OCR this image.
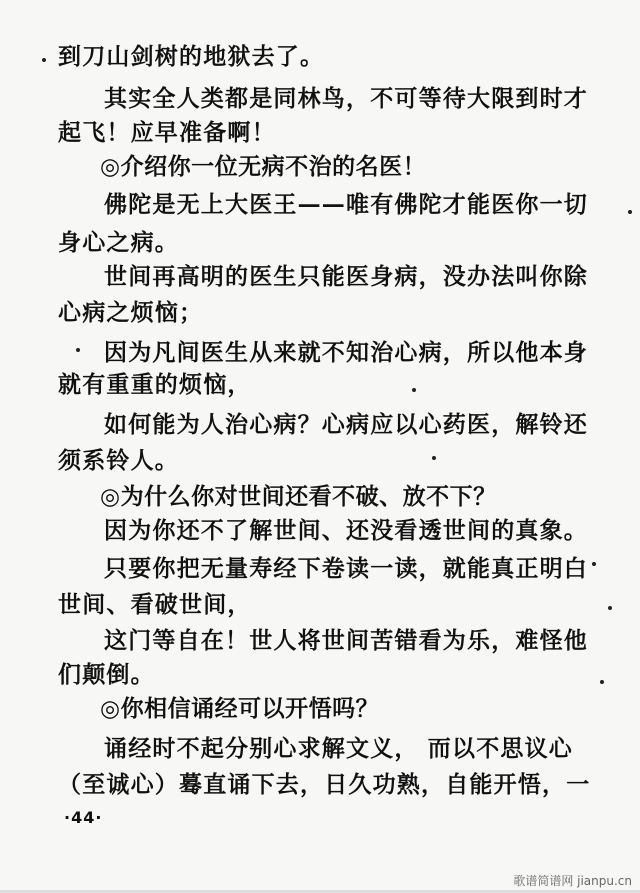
到刀山剑树的地狱去了。
其实全人类都是同林鸟，不可等待大限到时才
起飞！应早准备啊！
◎介绍你一位无病不治的名医！
佛陀是无上大医王——唯有佛陀才能医你一切
身心之病。
世间再高明的医生只能医身病，没办法叫你除
心病之烦恼；
因为凡间医生从来就不知治心病，所以他本身
就有重重的烦恼，
如何能为人治心病？心病应以心药医，解铃还
须系铃人。
◎为什么你对世间还看不破、放不下？
因为你还不了解世间、还没看透世间的真象。
只要你把无量寿经下卷读一读，就能真正明白
世间、看破世间，
这门等自在！世人将世间苦错看为乐，难怪他
们颠倒。
◎你相信诵经可以开悟吗？
诵经时不起分别心求解文义， 而以不思议心
（至诚心）蓦直诵下去，日久功熟，自能开悟，一
·44·
歌谱简谱网 jianpu.cn
